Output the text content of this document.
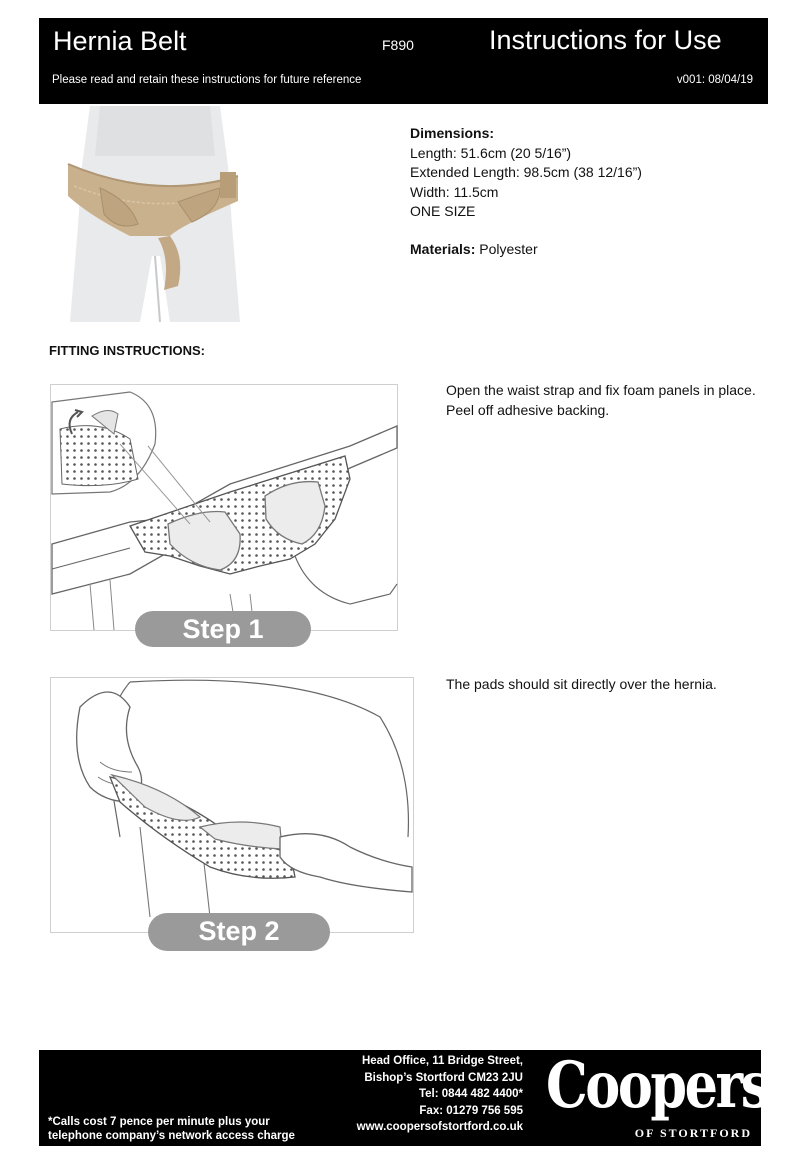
Hernia Belt	F890	Instructions for Use
Please read and retain these instructions for future reference	v001: 08/04/19
Dimensions:
Length: 51.6cm (20 5/16”)
Extended Length: 98.5cm (38 12/16”)
Width: 11.5cm
ONE SIZE
Materials: Polyester
FITTING INSTRUCTIONS:
Step 1
Open the waist strap and fix foam panels in place. Peel off adhesive backing.
Step 2
The pads should sit directly over the hernia.
*Calls cost 7 pence per minute plus your
telephone company’s network access charge
Head Office, 11 Bridge Street,
Bishop’s Stortford CM23 2JU
Tel: 0844 482 4400*
Fax: 01279 756 595
www.coopersofstortford.co.uk
Coopers
OF STORTFORD
